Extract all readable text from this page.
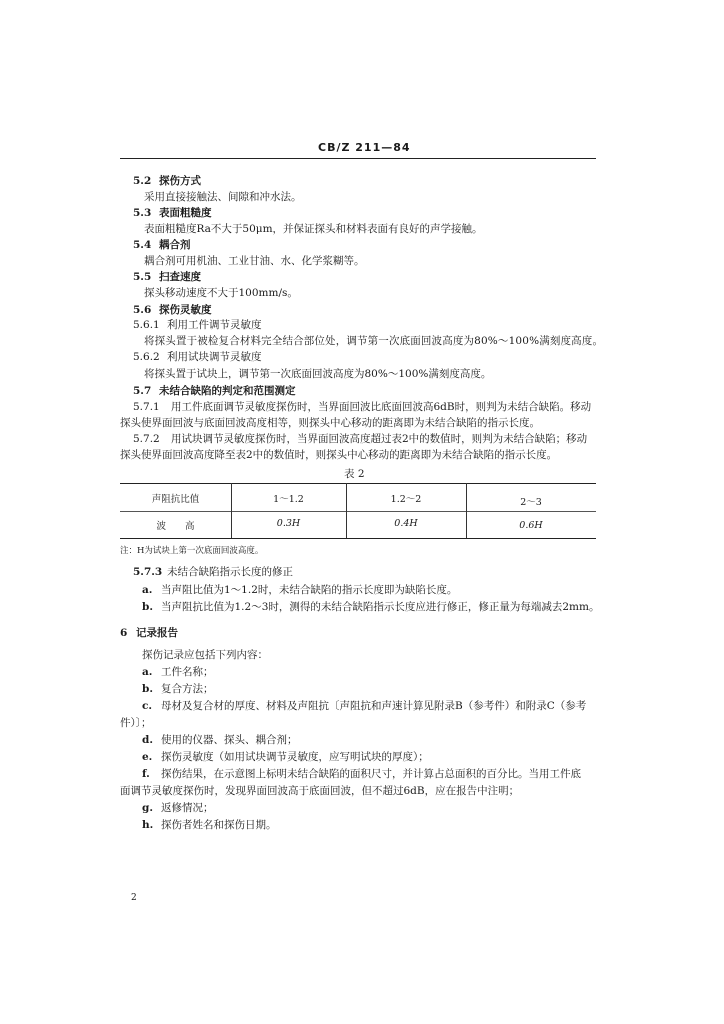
CB/Z 211—84
5.2 探伤方式
采用直接接触法、间隙和冲水法。
5.3 表面粗糙度
表面粗糙度Ra不大于50μm，并保证探头和材料表面有良好的声学接触。
5.4 耦合剂
耦合剂可用机油、工业甘油、水、化学浆糊等。
5.5 扫查速度
探头移动速度不大于100mm/s。
5.6 探伤灵敏度
5.6.1 利用工件调节灵敏度
将探头置于被检复合材料完全结合部位处，调节第一次底面回波高度为80%～100%满刻度高度。
5.6.2 利用试块调节灵敏度
将探头置于试块上，调节第一次底面回波高度为80%～100%满刻度高度。
5.7 未结合缺陷的判定和范围测定
5.7.1 用工件底面调节灵敏度探伤时，当界面回波比底面回波高6dB时，则判为未结合缺陷。移动
探头使界面回波与底面回波高度相等，则探头中心移动的距离即为未结合缺陷的指示长度。
5.7.2 用试块调节灵敏度探伤时，当界面回波高度超过表2中的数值时，则判为未结合缺陷；移动
探头使界面回波高度降至表2中的数值时，则探头中心移动的距离即为未结合缺陷的指示长度。
表 2
声阻抗比值	1～1.2	1.2～2	2～3
波　　高	0.3H	0.4H	0.6H
注：H为试块上第一次底面回波高度。
5.7.3 未结合缺陷指示长度的修正
a. 当声阻比值为1～1.2时，未结合缺陷的指示长度即为缺陷长度。
b. 当声阻抗比值为1.2～3时，测得的未结合缺陷指示长度应进行修正，修正量为每端减去2mm。
6 记录报告
探伤记录应包括下列内容：
a. 工件名称；
b. 复合方法；
c. 母材及复合材的厚度、材料及声阻抗〔声阻抗和声速计算见附录B（参考件）和附录C（参考
件）〕；
d. 使用的仪器、探头、耦合剂；
e. 探伤灵敏度（如用试块调节灵敏度，应写明试块的厚度）；
f. 探伤结果，在示意图上标明未结合缺陷的面积尺寸，并计算占总面积的百分比。当用工件底
面调节灵敏度探伤时，发现界面回波高于底面回波，但不超过6dB，应在报告中注明；
g. 返修情况；
h. 探伤者姓名和探伤日期。
2
